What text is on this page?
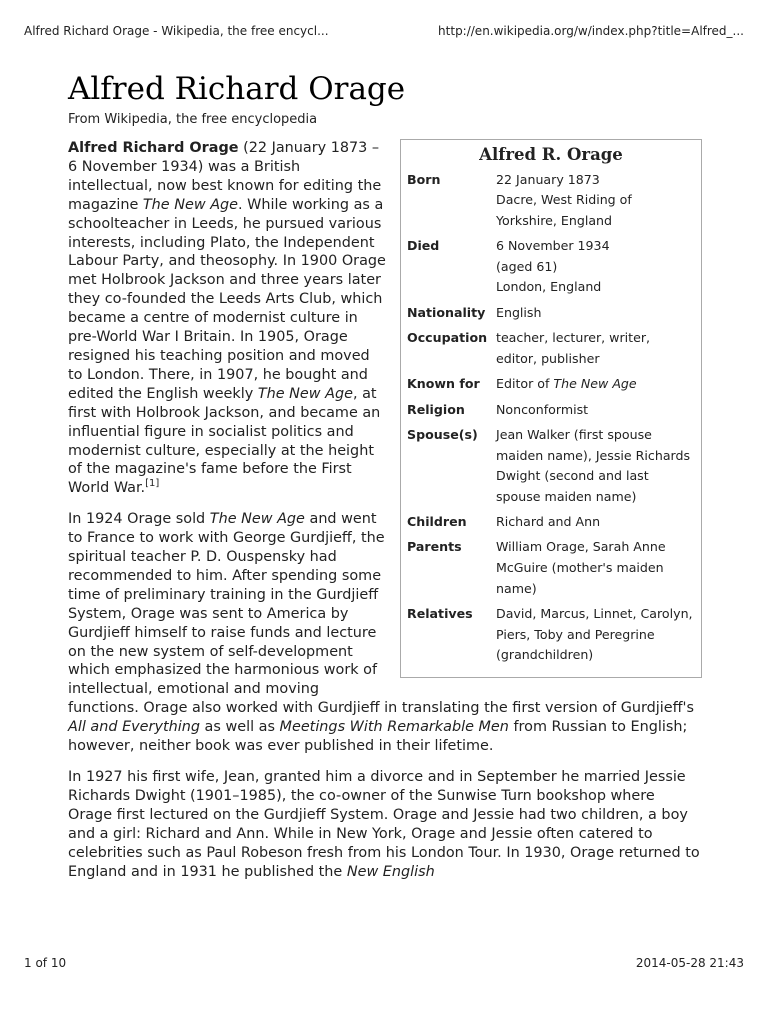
Alfred Richard Orage - Wikipedia, the free encycl...	http://en.wikipedia.org/w/index.php?title=Alfred_...
Alfred Richard Orage
From Wikipedia, the free encyclopedia
Alfred R. Orage
Born	22 January 1873
Dacre, West Riding of Yorkshire, England
Died	6 November 1934
(aged 61)
London, England
Nationality English
Occupation teacher, lecturer, writer, editor, publisher
Known for	Editor of The New Age
Religion	Nonconformist
Spouse(s)	Jean Walker (first spouse maiden name), Jessie Richards Dwight (second and last spouse maiden name)
Children	Richard and Ann
Parents	William Orage, Sarah Anne McGuire (mother's maiden name)
Relatives	David, Marcus, Linnet, Carolyn, Piers, Toby and Peregrine (grandchildren)

Alfred Richard Orage (22 January 1873 – 6 November 1934) was a British intellectual, now best known for editing the magazine The New Age. While working as a schoolteacher in Leeds, he pursued various interests, including Plato, the Independent Labour Party, and theosophy. In 1900 Orage met Holbrook Jackson and three years later they co-founded the Leeds Arts Club, which became a centre of modernist culture in pre-World War I Britain. In 1905, Orage resigned his teaching position and moved to London. There, in 1907, he bought and edited the English weekly The New Age, at first with Holbrook Jackson, and became an influential figure in socialist politics and modernist culture, especially at the height of the magazine's fame before the First World War.[1]

In 1924 Orage sold The New Age and went to France to work with George Gurdjieff, the spiritual teacher P. D. Ouspensky had recommended to him. After spending some time of preliminary training in the Gurdjieff System, Orage was sent to America by Gurdjieff himself to raise funds and lecture on the new system of self-development which emphasized the harmonious work of intellectual, emotional and moving functions. Orage also worked with Gurdjieff in translating the first version of Gurdjieff's All and Everything as well as Meetings With Remarkable Men from Russian to English; however, neither book was ever published in their lifetime.

In 1927 his first wife, Jean, granted him a divorce and in September he married Jessie Richards Dwight (1901–1985), the co-owner of the Sunwise Turn bookshop where Orage first lectured on the Gurdjieff System. Orage and Jessie had two children, a boy and a girl: Richard and Ann. While in New York, Orage and Jessie often catered to celebrities such as Paul Robeson fresh from his London Tour. In 1930, Orage returned to England and in 1931 he published the New English

1 of 10	2014-05-28 21:43
